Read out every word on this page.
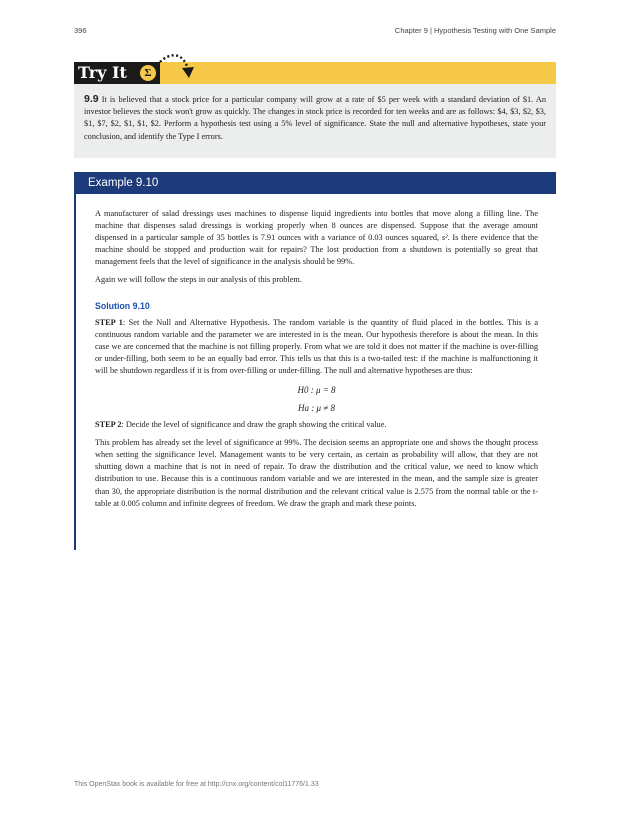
396	Chapter 9 | Hypothesis Testing with One Sample
Try It	Σ
9.9 It is believed that a stock price for a particular company will grow at a rate of $5 per week with a standard deviation of $1. An investor believes the stock won't grow as quickly. The changes in stock price is recorded for ten weeks and are as follows: $4, $3, $2, $3, $1, $7, $2, $1, $1, $2. Perform a hypothesis test using a 5% level of significance. State the null and alternative hypotheses, state your conclusion, and identify the Type I errors.
Example 9.10

A manufacturer of salad dressings uses machines to dispense liquid ingredients into bottles that move along a filling line. The machine that dispenses salad dressings is working properly when 8 ounces are dispensed. Suppose that the average amount dispensed in a particular sample of 35 bottles is 7.91 ounces with a variance of 0.03 ounces squared, s². Is there evidence that the machine should be stopped and production wait for repairs? The lost production from a shutdown is potentially so great that management feels that the level of significance in the analysis should be 99%.

Again we will follow the steps in our analysis of this problem.

Solution 9.10

STEP 1: Set the Null and Alternative Hypothesis. The random variable is the quantity of fluid placed in the bottles. This is a continuous random variable and the parameter we are interested in is the mean. Our hypothesis therefore is about the mean. In this case we are concerned that the machine is not filling properly. From what we are told it does not matter if the machine is over-filling or under-filling, both seem to be an equally bad error. This tells us that this is a two-tailed test: if the machine is malfunctioning it will be shutdown regardless if it is from over-filling or under-filling. The null and alternative hypotheses are thus:

H0 : μ = 8
Ha : μ ≠ 8

STEP 2: Decide the level of significance and draw the graph showing the critical value.

This problem has already set the level of significance at 99%. The decision seems an appropriate one and shows the thought process when setting the significance level. Management wants to be very certain, as certain as probability will allow, that they are not shutting down a machine that is not in need of repair. To draw the distribution and the critical value, we need to know which distribution to use. Because this is a continuous random variable and we are interested in the mean, and the sample size is greater than 30, the appropriate distribution is the normal distribution and the relevant critical value is 2.575 from the normal table or the t-table at 0.005 column and infinite degrees of freedom. We draw the graph and mark these points.

This OpenStax book is available for free at http://cnx.org/content/col11776/1.33
